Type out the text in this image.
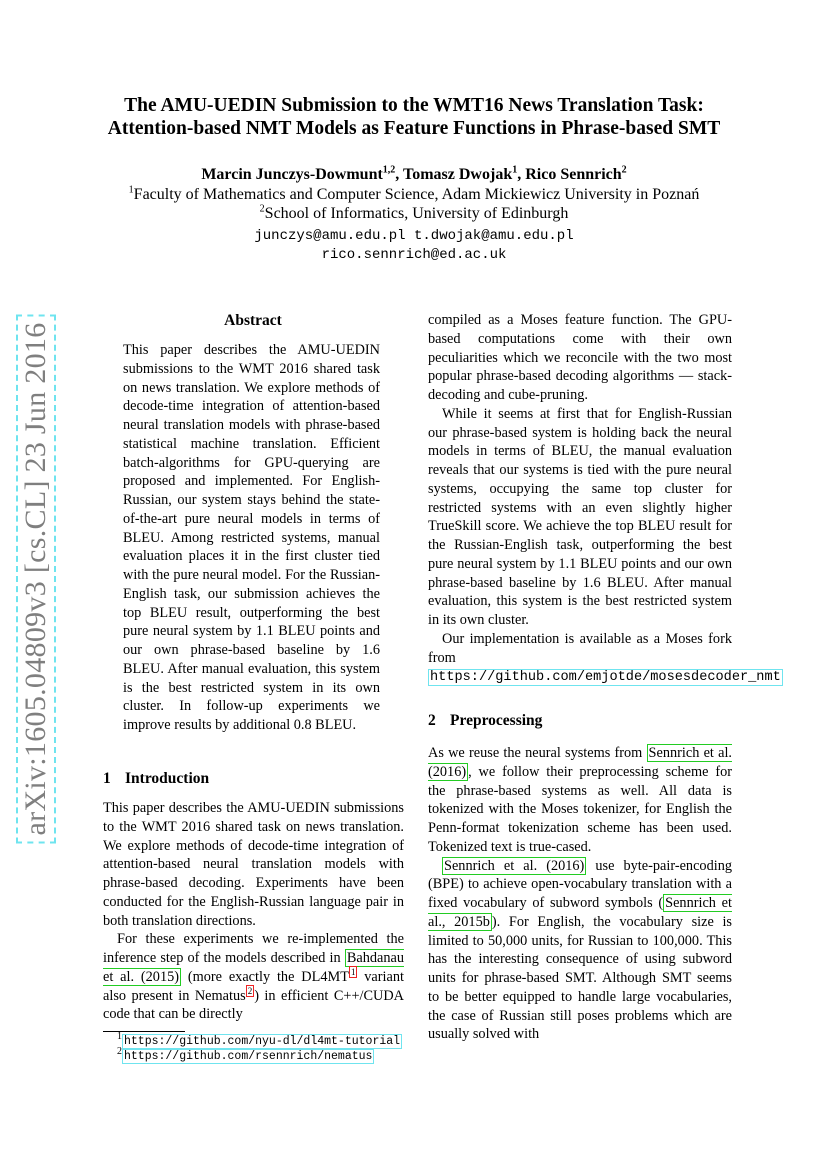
arXiv:1605.04809v3 [cs.CL] 23 Jun 2016
The AMU-UEDIN Submission to the WMT16 News Translation Task:
Attention-based NMT Models as Feature Functions in Phrase-based SMT
Marcin Junczys-Dowmunt$^{1,2}$, Tomasz Dwojak$^1$, Rico Sennrich$^2$
$^1$Faculty of Mathematics and Computer Science, Adam Mickiewicz University in Poznań
$^2$School of Informatics, University of Edinburgh
junczys@amu.edu.pl t.dwojak@amu.edu.pl
rico.sennrich@ed.ac.uk
Abstract

This paper describes the AMU-UEDIN submissions to the WMT 2016 shared task on news translation. We explore methods of decode-time integration of attention-based neural translation models with phrase-based statistical machine translation. Efficient batch-algorithms for GPU-querying are proposed and implemented. For English-Russian, our system stays behind the state-of-the-art pure neural models in terms of BLEU. Among restricted systems, manual evaluation places it in the first cluster tied with the pure neural model. For the Russian-English task, our submission achieves the top BLEU result, outperforming the best pure neural system by 1.1 BLEU points and our own phrase-based baseline by 1.6 BLEU. After manual evaluation, this system is the best restricted system in its own cluster. In follow-up experiments we improve results by additional 0.8 BLEU.

1 Introduction

This paper describes the AMU-UEDIN submissions to the WMT 2016 shared task on news translation. We explore methods of decode-time integration of attention-based neural translation models with phrase-based decoding. Experiments have been conducted for the English-Russian language pair in both translation directions.

For these experiments we re-implemented the inference step of the models described in Bahdanau et al. (2015) (more exactly the DL4MT $^1$ variant also present in Nematus $^2$ ) in efficient C++/CUDA code that can be directly

$^1$ https://github.com/nyu-dl/dl4mt-tutorial
$^2$ https://github.com/rsennrich/nematus

compiled as a Moses feature function. The GPU-based computations come with their own peculiarities which we reconcile with the two most popular phrase-based decoding algorithms — stack-decoding and cube-pruning.

While it seems at first that for English-Russian our phrase-based system is holding back the neural models in terms of BLEU, the manual evaluation reveals that our systems is tied with the pure neural systems, occupying the same top cluster for restricted systems with an even slightly higher TrueSkill score. We achieve the top BLEU result for the Russian-English task, outperforming the best pure neural system by 1.1 BLEU points and our own phrase-based baseline by 1.6 BLEU. After manual evaluation, this system is the best restricted system in its own cluster.

Our implementation is available as a Moses fork from

https://github.com/emjotde/mosesdecoder_nmt

2 Preprocessing

As we reuse the neural systems from Sennrich et al. (2016) , we follow their preprocessing scheme for the phrase-based systems as well. All data is tokenized with the Moses tokenizer, for English the Penn-format tokenization scheme has been used. Tokenized text is true-cased.

Sennrich et al. (2016) use byte-pair-encoding (BPE) to achieve open-vocabulary translation with a fixed vocabulary of subword symbols ( Sennrich et al., 2015b ). For English, the vocabulary size is limited to 50,000 units, for Russian to 100,000. This has the interesting consequence of using subword units for phrase-based SMT. Although SMT seems to be better equipped to handle large vocabularies, the case of Russian still poses problems which are usually solved with
